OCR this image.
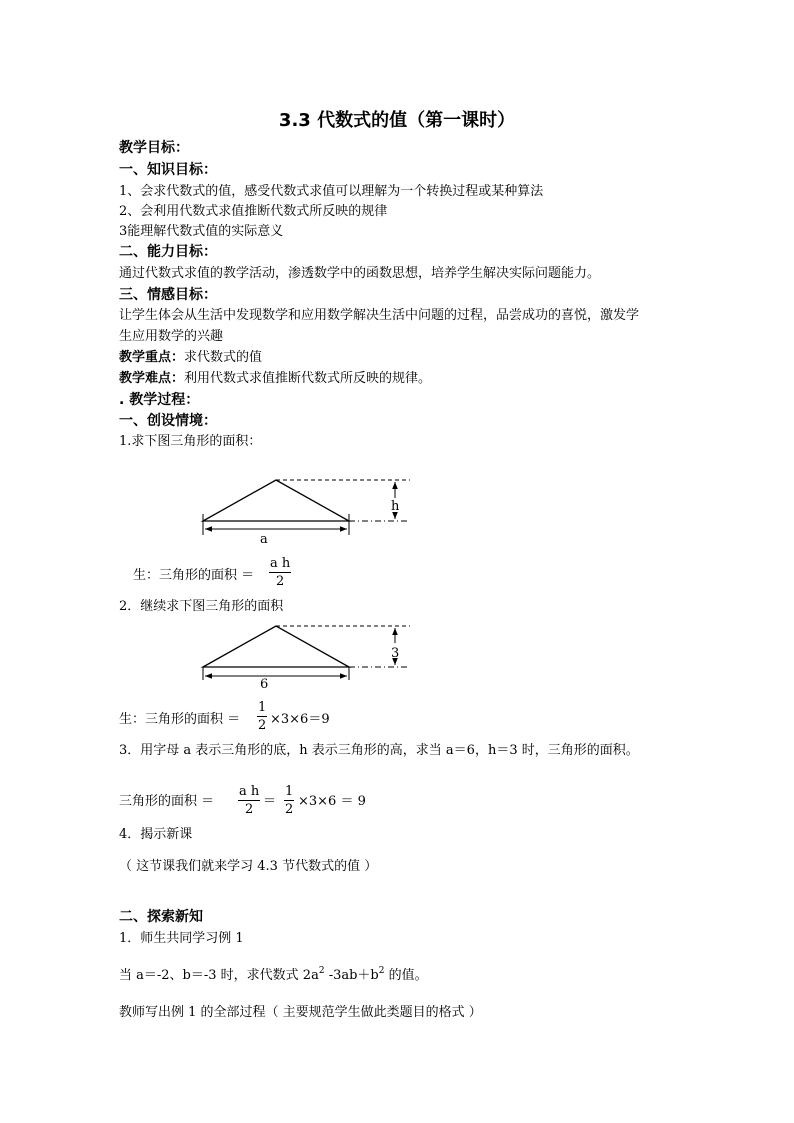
3.3 代数式的值（第一课时）
教学目标：
一、知识目标：
1、会求代数式的值，感受代数式求值可以理解为一个转换过程或某种算法
2、会利用代数式求值推断代数式所反映的规律
3能理解代数式值的实际意义
二、能力目标：
通过代数式求值的教学活动，渗透数学中的函数思想，培养学生解决实际问题能力。
三、情感目标：
让学生体会从生活中发现数学和应用数学解决生活中问题的过程，品尝成功的喜悦，激发学
生应用数学的兴趣
教学重点：求代数式的值
教学难点：利用代数式求值推断代数式所反映的规律。
. 教学过程：
一、创设情境：
1.求下图三角形的面积：
h
a
生：三角形的面积 ＝ $\frac{\text{a h}}{2}$
2．继续求下图三角形的面积
3
6
生：三角形的面积 ＝ $\frac{1}{2} \times 3\times 6=9$
3．用字母 a 表示三角形的底，h 表示三角形的高，求当 a＝6，h＝3 时，三角形的面积。
三角形的面积 ＝ $\frac{\text{a h}}{2} = \frac{1}{2} \times 3\times 6 = 9$
4．揭示新课
（ 这节课我们就来学习 4.3 节代数式的值 ）
二、探索新知
1．师生共同学习例 1
当 a＝-2、b＝-3 时，求代数式 $2a^2$ $-3ab+b^2$ 的值。
教师写出例 1 的全部过程（ 主要规范学生做此类题目的格式 ）
